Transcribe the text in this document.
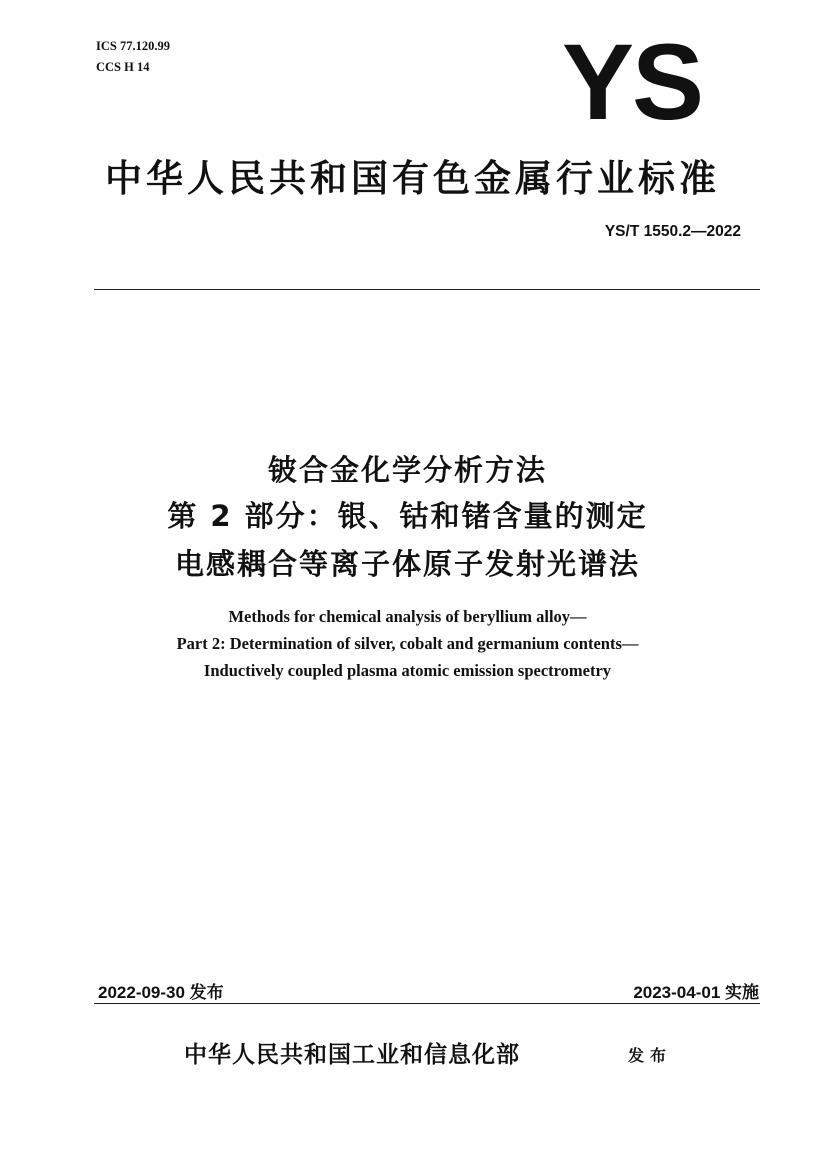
ICS 77.120.99
CCS H 14	YS
中华人民共和国有色金属行业标准
YS/T 1550.2—2022
铍合金化学分析方法
第 2 部分：银、钴和锗含量的测定
电感耦合等离子体原子发射光谱法
Methods for chemical analysis of beryllium alloy—
Part 2: Determination of silver, cobalt and germanium contents—
Inductively coupled plasma atomic emission spectrometry
2022-09-30 发布	2023-04-01 实施
中华人民共和国工业和信息化部	发布
